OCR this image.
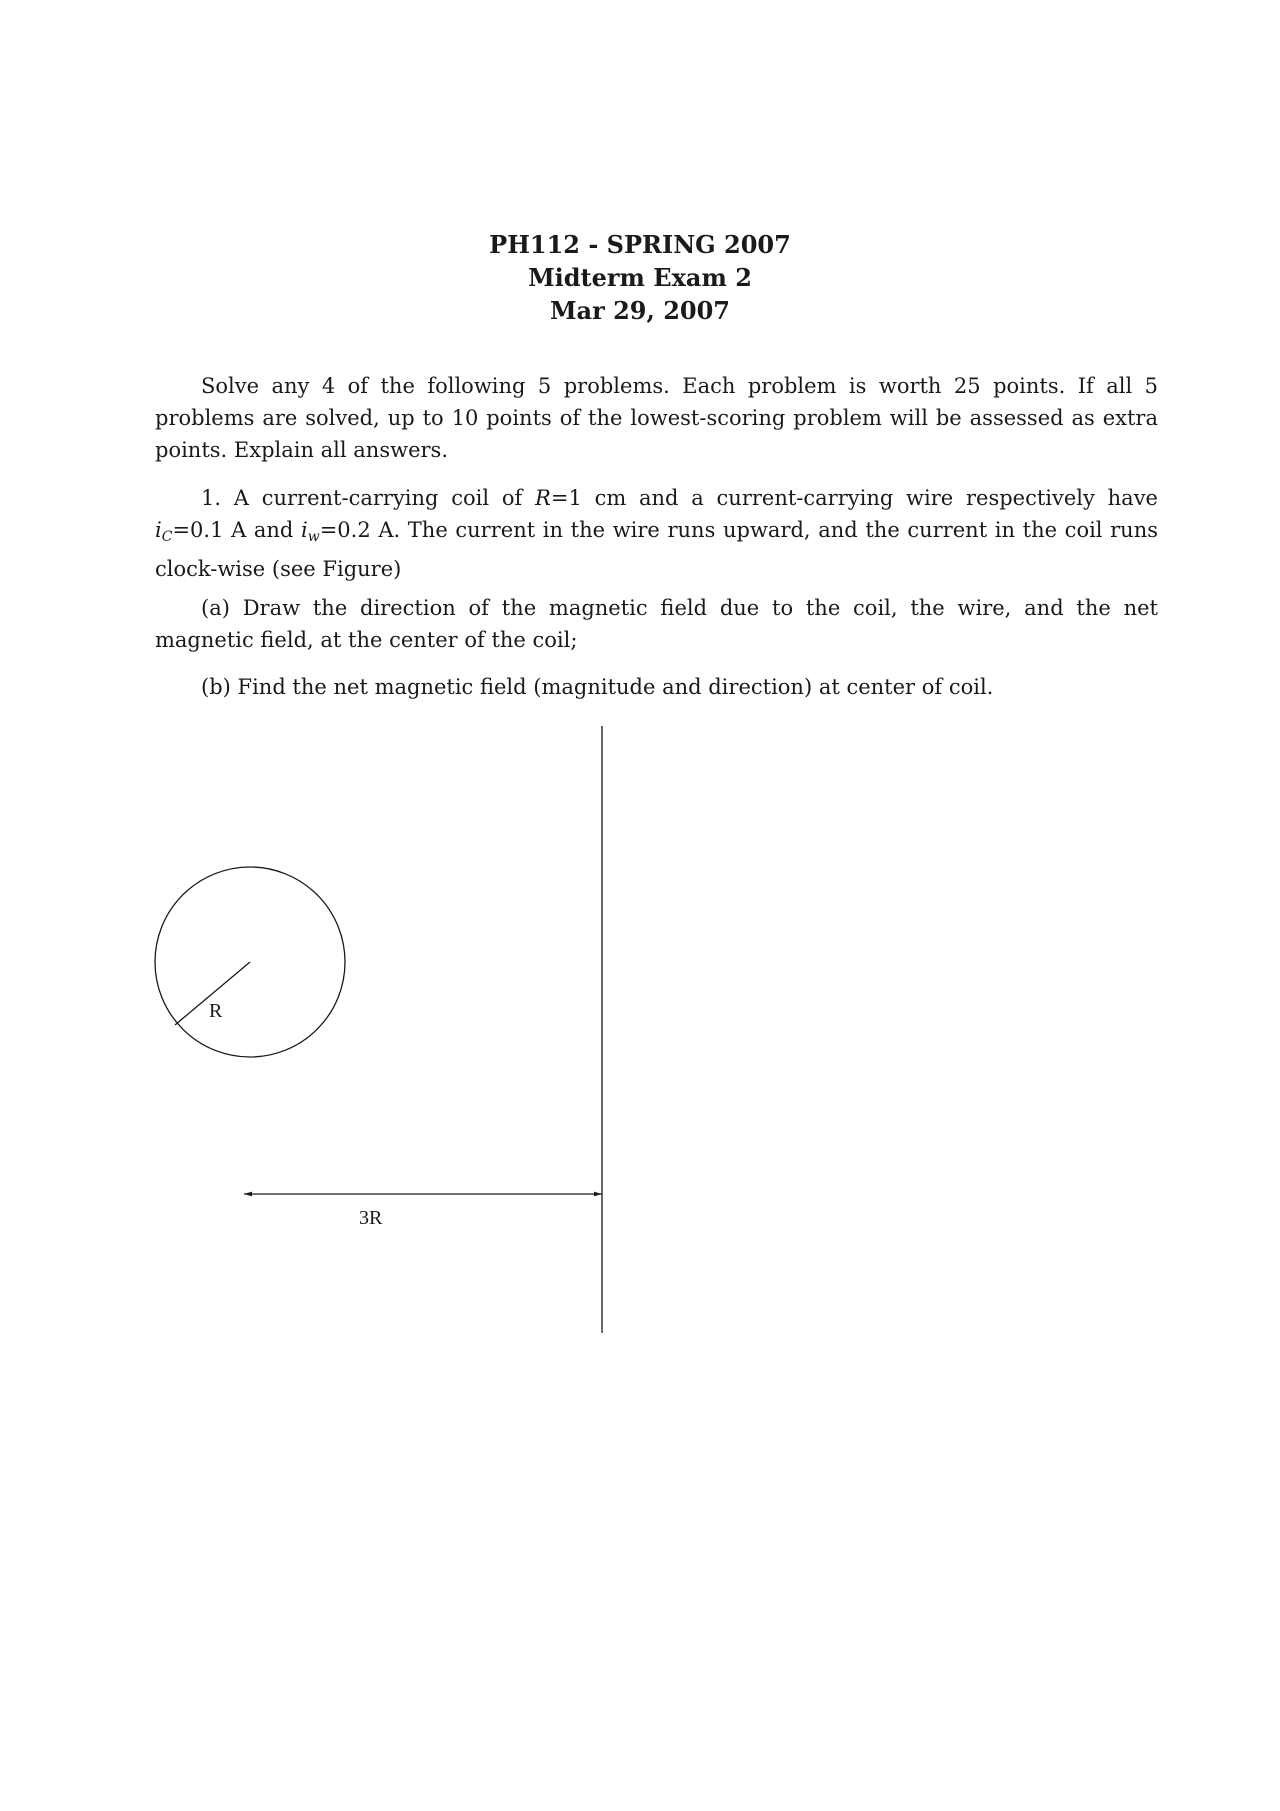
PH112 - SPRING 2007
Midterm Exam 2
Mar 29, 2007

Solve any 4 of the following 5 problems. Each problem is worth 25 points. If all 5 problems are solved, up to 10 points of the lowest-scoring problem will be assessed as extra points. Explain all answers.

1. A current-carrying coil of R=1 cm and a current-carrying wire respectively have $i_C=0.1$ A and $i_w=0.2$ A. The current in the wire runs upward, and the current in the coil runs clock-wise (see Figure)

(a) Draw the direction of the magnetic field due to the coil, the wire, and the net magnetic field, at the center of the coil;

(b) Find the net magnetic field (magnitude and direction) at center of coil.

R
3R
